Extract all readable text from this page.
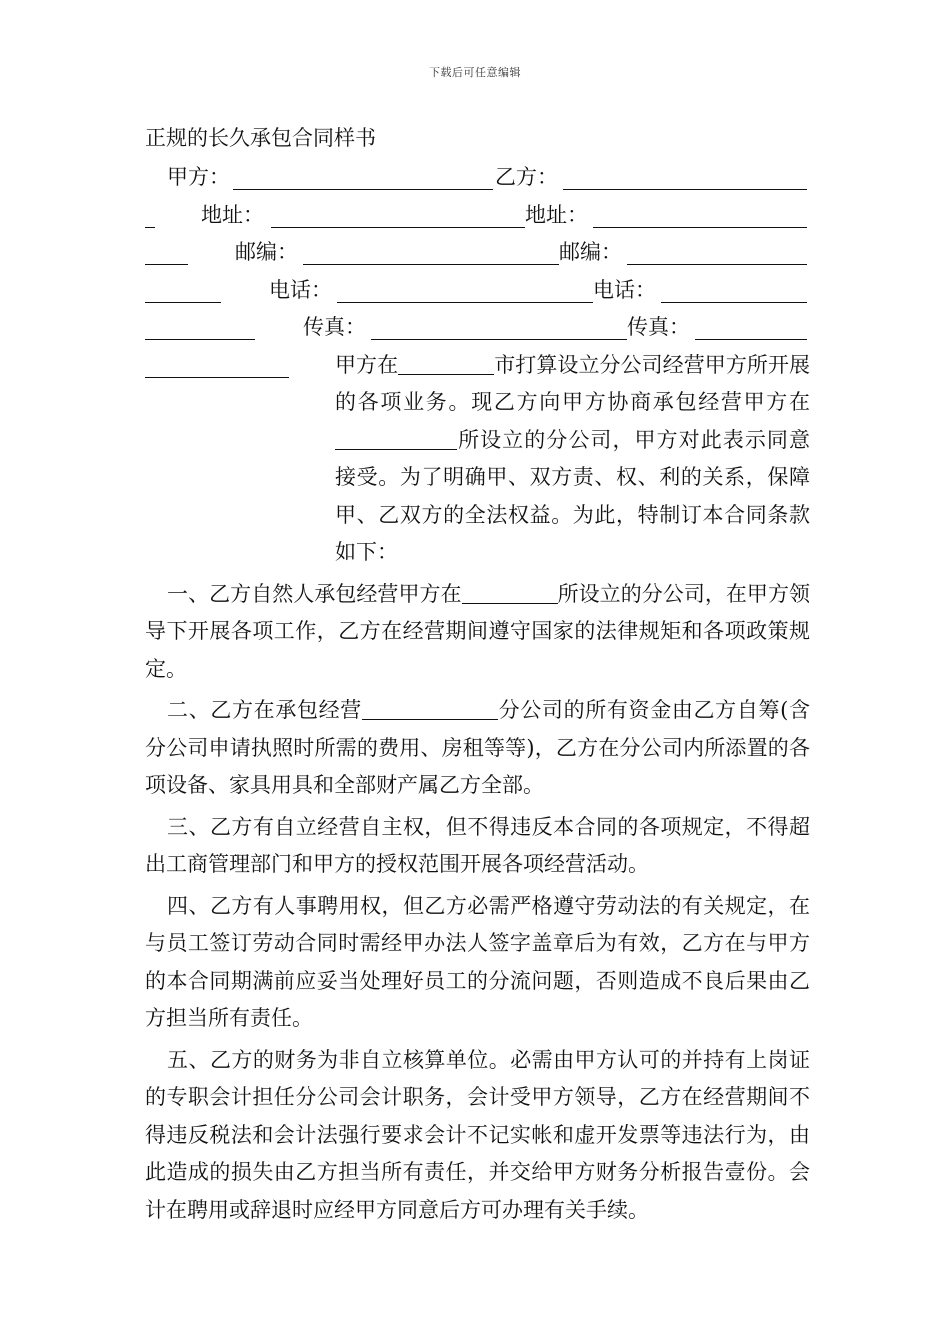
下载后可任意编辑
正规的长久承包合同样书
甲方：	乙方：
地址：	地址：
邮编：	邮编：
电话：	电话：
传真：	传真：

甲方在	市打算设立分公司经营甲方所开展的各项业务。现乙方向甲方协商承包经营甲方在所设立的分公司，甲方对此表示同意接受。为了明确甲、双方责、权、利的关系，保障甲、乙双方的全法权益。为此，特制订本合同条款如下：

一、乙方自然人承包经营甲方在	所设立的分公司，在甲方领导下开展各项工作，乙方在经营期间遵守国家的法律规矩和各项政策规定。

二、乙方在承包经营	分公司的所有资金由乙方自筹(含分公司申请执照时所需的费用、房租等等)，乙方在分公司内所添置的各项设备、家具用具和全部财产属乙方全部。

三、乙方有自立经营自主权，但不得违反本合同的各项规定，不得超出工商管理部门和甲方的授权范围开展各项经营活动。

四、乙方有人事聘用权，但乙方必需严格遵守劳动法的有关规定，在与员工签订劳动合同时需经甲办法人签字盖章后为有效，乙方在与甲方的本合同期满前应妥当处理好员工的分流问题，否则造成不良后果由乙方担当所有责任。

五、乙方的财务为非自立核算单位。必需由甲方认可的并持有上岗证的专职会计担任分公司会计职务，会计受甲方领导，乙方在经营期间不得违反税法和会计法强行要求会计不记实帐和虚开发票等违法行为，由此造成的损失由乙方担当所有责任，并交给甲方财务分析报告壹份。会计在聘用或辞退时应经甲方同意后方可办理有关手续。
